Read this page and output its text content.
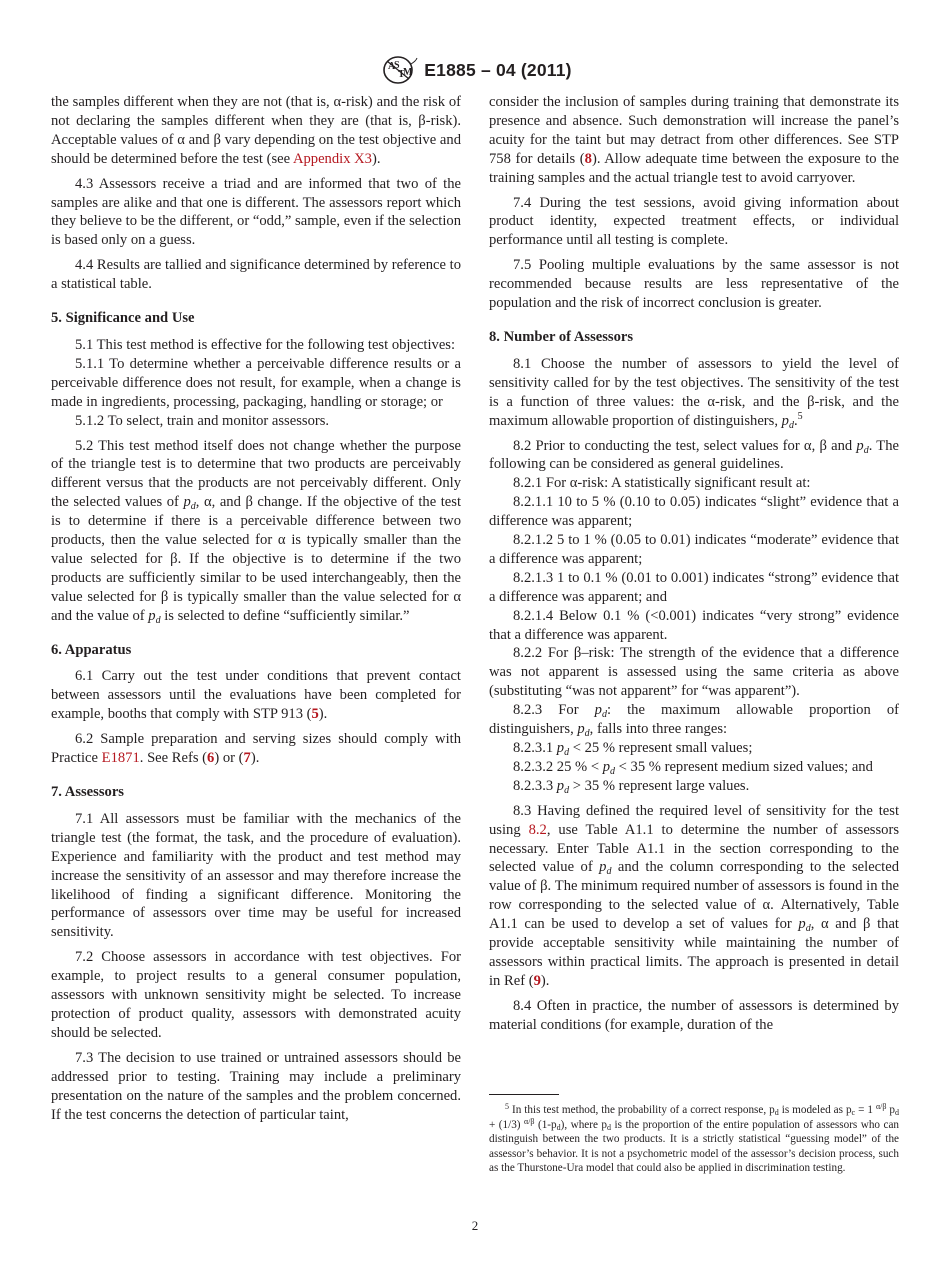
A
S
T
M E1885 – 04 (2011)

the samples different when they are not (that is, α-risk) and the risk of not declaring the samples different when they are (that is, β-risk). Acceptable values of α and β vary depending on the test objective and should be determined before the test (see Appendix X3).

4.3 Assessors receive a triad and are informed that two of the samples are alike and that one is different. The assessors report which they believe to be the different, or “odd,” sample, even if the selection is based only on a guess.

4.4 Results are tallied and significance determined by reference to a statistical table.

5. Significance and Use

5.1 This test method is effective for the following test objectives:

5.1.1 To determine whether a perceivable difference results or a perceivable difference does not result, for example, when a change is made in ingredients, processing, packaging, handling or storage; or

5.1.2 To select, train and monitor assessors.

5.2 This test method itself does not change whether the purpose of the triangle test is to determine that two products are perceivably different versus that the products are not perceivably different. Only the selected values of $p_d$, α, and β change. If the objective of the test is to determine if there is a perceivable difference between two products, then the value selected for α is typically smaller than the value selected for β. If the objective is to determine if the two products are sufficiently similar to be used interchangeably, then the value selected for β is typically smaller than the value selected for α and the value of $p_d$ is selected to define “sufficiently similar.”

6. Apparatus

6.1 Carry out the test under conditions that prevent contact between assessors until the evaluations have been completed for example, booths that comply with STP 913 (5).

6.2 Sample preparation and serving sizes should comply with Practice E1871. See Refs (6) or (7).

7. Assessors

7.1 All assessors must be familiar with the mechanics of the triangle test (the format, the task, and the procedure of evaluation). Experience and familiarity with the product and test method may increase the sensitivity of an assessor and may therefore increase the likelihood of finding a significant difference. Monitoring the performance of assessors over time may be useful for increased sensitivity.

7.2 Choose assessors in accordance with test objectives. For example, to project results to a general consumer population, assessors with unknown sensitivity might be selected. To increase protection of product quality, assessors with demonstrated acuity should be selected.

7.3 The decision to use trained or untrained assessors should be addressed prior to testing. Training may include a preliminary presentation on the nature of the samples and the problem concerned. If the test concerns the detection of particular taint,

consider the inclusion of samples during training that demonstrate its presence and absence. Such demonstration will increase the panel’s acuity for the taint but may detract from other differences. See STP 758 for details (8). Allow adequate time between the exposure to the training samples and the actual triangle test to avoid carryover.

7.4 During the test sessions, avoid giving information about product identity, expected treatment effects, or individual performance until all testing is complete.

7.5 Pooling multiple evaluations by the same assessor is not recommended because results are less representative of the population and the risk of incorrect conclusion is greater.

8. Number of Assessors

8.1 Choose the number of assessors to yield the level of sensitivity called for by the test objectives. The sensitivity of the test is a function of three values: the α-risk, and the β-risk, and the maximum allowable proportion of distinguishers, $p_d.^5$

8.2 Prior to conducting the test, select values for α, β and $p_d$. The following can be considered as general guidelines.

8.2.1 For α-risk: A statistically significant result at:

8.2.1.1 10 to 5 % (0.10 to 0.05) indicates “slight” evidence that a difference was apparent;

8.2.1.2 5 to 1 % (0.05 to 0.01) indicates “moderate” evidence that a difference was apparent;

8.2.1.3 1 to 0.1 % (0.01 to 0.001) indicates “strong” evidence that a difference was apparent; and

8.2.1.4 Below 0.1 % (<0.001) indicates “very strong” evidence that a difference was apparent.

8.2.2 For β–risk: The strength of the evidence that a difference was not apparent is assessed using the same criteria as above (substituting “was not apparent” for “was apparent”).

8.2.3 For $p_d$: the maximum allowable proportion of distinguishers, $p_d$, falls into three ranges:

8.2.3.1 $p_d < 25$ % represent small values;

8.2.3.2 25 % < $p_d < 35$ % represent medium sized values; and

8.2.3.3 $p_d > 35$ % represent large values.

8.3 Having defined the required level of sensitivity for the test using 8.2, use Table A1.1 to determine the number of assessors necessary. Enter Table A1.1 in the section corresponding to the selected value of $p_d$ and the column corresponding to the selected value of β. The minimum required number of assessors is found in the row corresponding to the selected value of α. Alternatively, Table A1.1 can be used to develop a set of values for $p_d$, α and β that provide acceptable sensitivity while maintaining the number of assessors within practical limits. The approach is presented in detail in Ref (9).

8.4 Often in practice, the number of assessors is determined by material conditions (for example, duration of the

$^5$ In this test method, the probability of a correct response, $p_d$ is modeled as $p_c = 1$ $^{\alpha/\beta}$ $p_d + (1/3)$ $^{\alpha/\beta}$ $(1-p_d)$, where $p_d$ is the proportion of the entire population of assessors who can distinguish between the two products. It is a strictly statistical “guessing model” of the assessor’s behavior. It is not a psychometric model of the assessor’s decision process, such as the Thurstone-Ura model that could also be applied in discrimination testing.
2
